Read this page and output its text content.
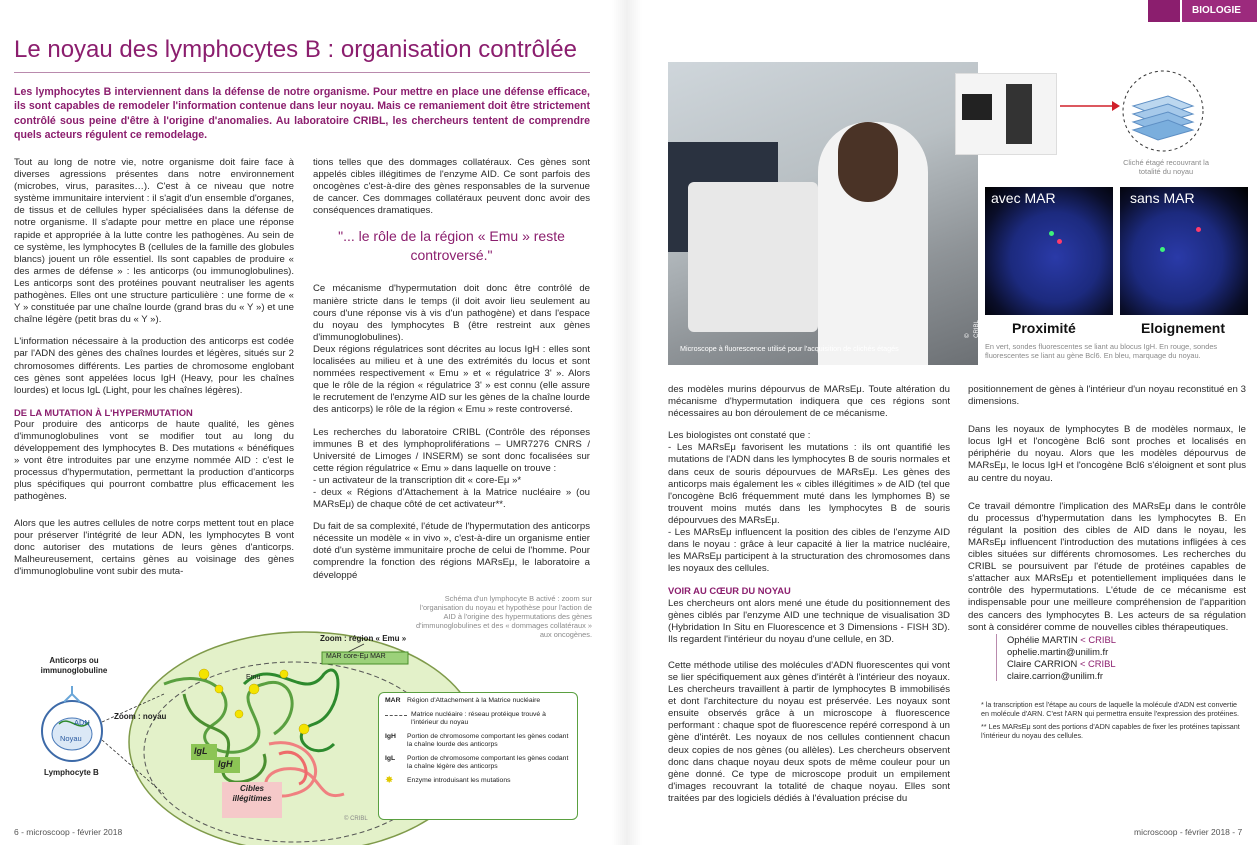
BIOLOGIE
Le noyau des lymphocytes B : organisation contrôlée
Les lymphocytes B interviennent dans la défense de notre organisme. Pour mettre en place une défense efficace, ils sont capables de remodeler l'information contenue dans leur noyau. Mais ce remaniement doit être strictement contrôlé sous peine d'être à l'origine d'anomalies. Au laboratoire CRIBL, les chercheurs tentent de comprendre quels acteurs régulent ce remodelage.

Tout au long de notre vie, notre organisme doit faire face à diverses agressions présentes dans notre environnement (microbes, virus, parasites…). C'est à ce niveau que notre système immunitaire intervient : il s'agit d'un ensemble d'organes, de tissus et de cellules hyper spécialisées dans la défense de notre organisme. Il s'adapte pour mettre en place une réponse rapide et appropriée à la lutte contre les pathogènes. Au sein de ce système, les lymphocytes B (cellules de la famille des globules blancs) jouent un rôle essentiel. Ils sont capables de produire « des armes de défense » : les anticorps (ou immunoglobulines). Les anticorps sont des protéines pouvant neutraliser les agents pathogènes. Elles ont une structure particulière : une forme de « Y » constituée par une chaîne lourde (grand bras du « Y ») et une chaîne légère (petit bras du « Y »).

L'information nécessaire à la production des anticorps est codée par l'ADN des gènes des chaînes lourdes et légères, situés sur 2 chromosomes différents. Les parties de chromosome englobant ces gènes sont appelées locus IgH (Heavy, pour les chaînes lourdes) et locus IgL (Light, pour les chaînes légères).

DE LA MUTATION À L'HYPERMUTATION

Pour produire des anticorps de haute qualité, les gènes d'immunoglobulines vont se modifier tout au long du développement des lymphocytes B. Des mutations « bénéfiques » vont être introduites par une enzyme nommée AID : c'est le processus d'hypermutation, permettant la production d'anticorps plus spécifiques qui pourront combattre plus efficacement les pathogènes.

Alors que les autres cellules de notre corps mettent tout en place pour préserver l'intégrité de leur ADN, les lymphocytes B vont donc autoriser des mutations de leurs gènes d'anticorps. Malheureusement, certains gènes au voisinage des gènes d'immunoglobuline vont subir des muta-

tions telles que des dommages collatéraux. Ces gènes sont appelés cibles illégitimes de l'enzyme AID. Ce sont parfois des oncogènes c'est-à-dire des gènes responsables de la survenue de cancer. Ces dommages collatéraux peuvent donc avoir des conséquences dramatiques.

"... le rôle de la région « Emu » reste controversé."

Ce mécanisme d'hypermutation doit donc être contrôlé de manière stricte dans le temps (il doit avoir lieu seulement au cours d'une réponse vis à vis d'un pathogène) et dans l'espace du noyau des lymphocytes B (être restreint aux gènes d'immunoglobulines).

Deux régions régulatrices sont décrites au locus IgH : elles sont localisées au milieu et à une des extrémités du locus et sont nommées respectivement « Emu » et « régulatrice 3' ». Alors que le rôle de la région « régulatrice 3' » est connu (elle assure le recrutement de l'enzyme AID sur les gènes de la chaîne lourde des anticorps) le rôle de la région « Emu » reste controversé.

Les recherches du laboratoire CRIBL (Contrôle des réponses immunes B et des lymphoproliférations – UMR7276 CNRS / Université de Limoges / INSERM) se sont donc focalisées sur cette région régulatrice « Emu » dans laquelle on trouve :

- un activateur de la transcription dit « core-Eμ »*

- deux « Régions d'Attachement à la Matrice nucléaire » (ou MARsEμ) de chaque côté de cet activateur**.

Du fait de sa complexité, l'étude de l'hypermutation des anticorps nécessite un modèle « in vivo », c'est-à-dire un organisme entier doté d'un système immunitaire proche de celui de l'homme. Pour comprendre la fonction des régions MARsEμ, le laboratoire a développé

Schéma d'un lymphocyte B activé : zoom sur l'organisation du noyau et hypothèse pour l'action de AID à l'origine des hypermutations des gènes d'immunoglobulines et des « dommages collatéraux » aux oncogènes.
Anticorps ou immunoglobuline
ADN
Noyau
Lymphocyte B
Zoom : noyau
Zoom : région « Emu »
MAR core-Eμ MAR
Emu
IgL
IgH
Cibles illégitimes
© CRIBL
MAR Région d'Attachement à la Matrice nucléaire
Matrice nucléaire : réseau protéique trouvé à l'intérieur du noyau
IgH	Portion de chromosome comportant les gènes codant la chaîne lourde des anticorps
IgL	Portion de chromosome comportant les gènes codant la chaîne légère des anticorps
✸	Enzyme introduisant les mutations
Microscope à fluorescence utilisé pour l'acquisition de clichés étagés
© CRIBL
Cliché étagé recouvrant la totalité du noyau
avec MAR	sans MAR
Proximité	Eloignement
En vert, sondes fluorescentes se liant au blocus IgH. En rouge, sondes fluorescentes se liant au gène Bcl6. En bleu, marquage du noyau.

des modèles murins dépourvus de MARsEμ. Toute altération du mécanisme d'hypermutation indiquera que ces régions sont nécessaires au bon déroulement de ce mécanisme.

Les biologistes ont constaté que :

- Les MARsEμ favorisent les mutations : ils ont quantifié les mutations de l'ADN dans les lymphocytes B de souris normales et dans ceux de souris dépourvues de MARsEμ. Les gènes des anticorps mais également les « cibles illégitimes » de AID (tel que l'oncogène Bcl6 fréquemment muté dans les lymphomes B) se trouvent moins mutés dans les lymphocytes B de souris dépourvues des MARsEμ.

- Les MARsEμ influencent la position des cibles de l'enzyme AID dans le noyau : grâce à leur capacité à lier la matrice nucléaire, les MARsEμ participent à la structuration des chromosomes dans les noyaux des cellules.

VOIR AU CŒUR DU NOYAU

Les chercheurs ont alors mené une étude du positionnement des gènes ciblés par l'enzyme AID une technique de visualisation 3D (Hybridation In Situ en Fluorescence et 3 Dimensions - FISH 3D). Ils regardent l'intérieur du noyau d'une cellule, en 3D.

Cette méthode utilise des molécules d'ADN fluorescentes qui vont se lier spécifiquement aux gènes d'intérêt à l'intérieur des noyaux. Les chercheurs travaillent à partir de lymphocytes B immobilisés et dont l'architecture du noyau est préservée. Les noyaux sont ensuite observés grâce à un microscope à fluorescence performant : chaque spot de fluorescence repéré correspond à un gène d'intérêt. Les noyaux de nos cellules contiennent chacun deux copies de nos gènes (ou allèles). Les chercheurs observent donc dans chaque noyau deux spots de même couleur pour un gène donné. Ce type de microscope produit un empilement d'images recouvrant la totalité de chaque noyau. Elles sont traitées par des logiciels dédiés à l'évaluation précise du

positionnement de gènes à l'intérieur d'un noyau reconstitué en 3 dimensions.

Dans les noyaux de lymphocytes B de modèles normaux, le locus IgH et l'oncogène Bcl6 sont proches et localisés en périphérie du noyau. Alors que les modèles dépourvus de MARsEμ, le locus IgH et l'oncogène Bcl6 s'éloignent et sont plus au centre du noyau.

Ce travail démontre l'implication des MARsEμ dans le contrôle du processus d'hypermutation dans les lymphocytes B. En régulant la position des cibles de AID dans le noyau, les MARsEμ influencent l'introduction des mutations infligées à ces cibles situées sur différents chromosomes. Les recherches du CRIBL se poursuivent par l'étude de protéines capables de s'attacher aux MARsEμ et potentiellement impliquées dans le contrôle des hypermutations. L'étude de ce mécanisme est indispensable pour une meilleure compréhension de l'apparition des cancers des lymphocytes B. Les acteurs de sa régulation sont à considérer comme de nouvelles cibles thérapeutiques.

Ophélie MARTIN < CRIBL
ophelie.martin@unilim.fr
Claire CARRION < CRIBL
claire.carrion@unilim.fr
* la transcription est l'étape au cours de laquelle la molécule d'ADN est convertie en molécule d'ARN. C'est l'ARN qui permettra ensuite l'expression des protéines.
** Les MARsEμ sont des portions d'ADN capables de fixer les protéines tapissant l'intérieur du noyau des cellules.
6 - microscoop - février 2018	microscoop - février 2018 - 7
